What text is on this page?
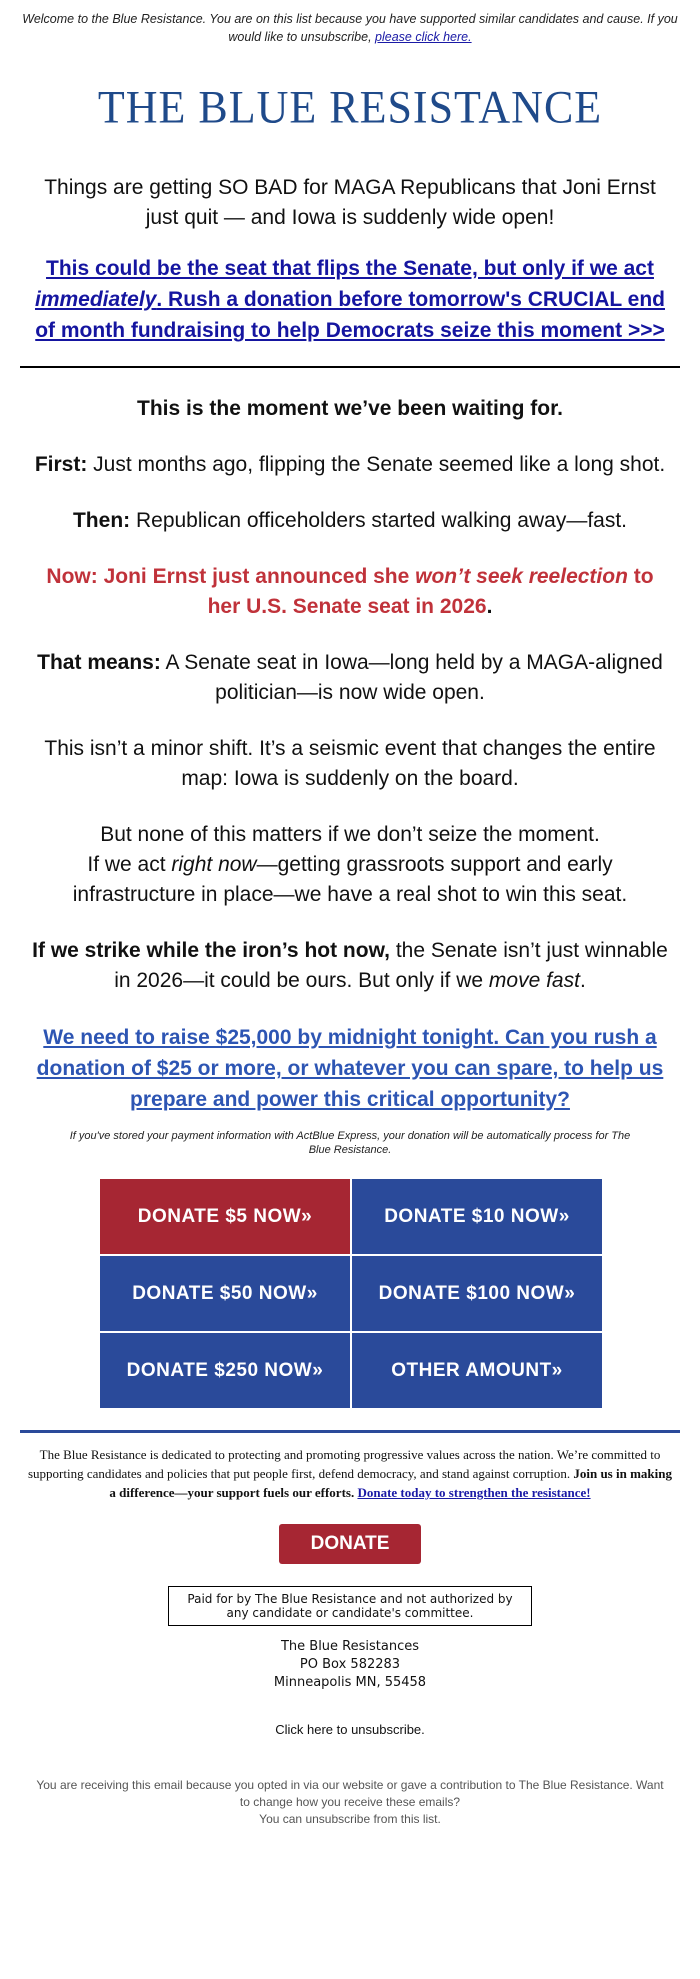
Welcome to the Blue Resistance. You are on this list because you have supported similar candidates and cause. If you would like to unsubscribe, please click here.
THE BLUE RESISTANCE
Things are getting SO BAD for MAGA Republicans that Joni Ernst just quit — and Iowa is suddenly wide open!
This could be the seat that flips the Senate, but only if we act immediately. Rush a donation before tomorrow's CRUCIAL end of month fundraising to help Democrats seize this moment >>>
This is the moment we’ve been waiting for.
First: Just months ago, flipping the Senate seemed like a long shot.
Then: Republican officeholders started walking away—fast.
Now: Joni Ernst just announced she won’t seek reelection to her U.S. Senate seat in 2026.
That means: A Senate seat in Iowa—long held by a MAGA-aligned politician—is now wide open.
This isn’t a minor shift. It’s a seismic event that changes the entire map: Iowa is suddenly on the board.
But none of this matters if we don’t seize the moment.
If we act right now—getting grassroots support and early infrastructure in place—we have a real shot to win this seat.
If we strike while the iron’s hot now, the Senate isn’t just winnable in 2026—it could be ours. But only if we move fast.
We need to raise $25,000 by midnight tonight. Can you rush a donation of $25 or more, or whatever you can spare, to help us prepare and power this critical opportunity?
If you've stored your payment information with ActBlue Express, your donation will be automatically process for The Blue Resistance.
DONATE $5 NOW»	DONATE $10 NOW»
DONATE $50 NOW»	DONATE $100 NOW»
DONATE $250 NOW»	OTHER AMOUNT»
The Blue Resistance is dedicated to protecting and promoting progressive values across the nation. We’re committed to supporting candidates and policies that put people first, defend democracy, and stand against corruption. Join us in making a difference—your support fuels our efforts. Donate today to strengthen the resistance!
DONATE
Paid for by The Blue Resistance and not authorized by any candidate or candidate's committee.
The Blue Resistances
PO Box 582283
Minneapolis MN, 55458
Click here to unsubscribe.
You are receiving this email because you opted in via our website or gave a contribution to The Blue Resistance. Want to change how you receive these emails?
You can unsubscribe from this list.
